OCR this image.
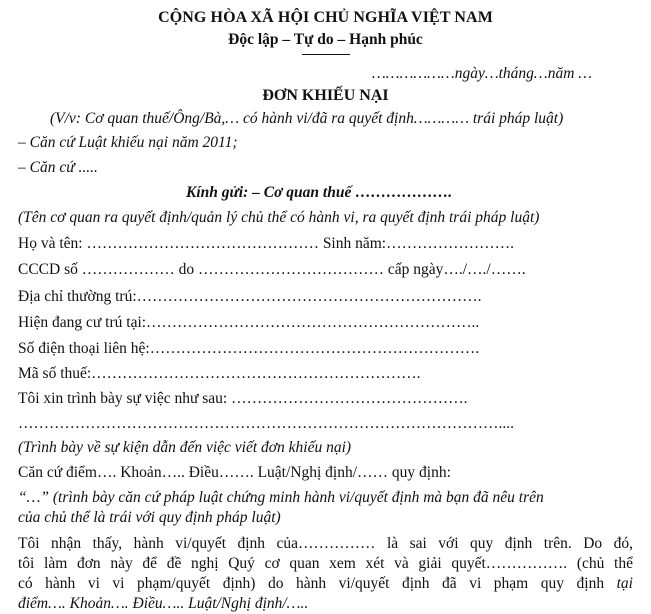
CỘNG HÒA XÃ HỘI CHỦ NGHĨA VIỆT NAM
Độc lập – Tự do – Hạnh phúc
………………ngày…tháng…năm …
ĐƠN KHIẾU NẠI
(V/v: Cơ quan thuế/Ông/Bà,… có hành vi/đã ra quyết định………… trái pháp luật)
– Căn cứ Luật khiếu nại năm 2011;
– Căn cứ .....
Kính gửi: – Cơ quan thuế ……………….
(Tên cơ quan ra quyết định/quản lý chủ thể có hành vi, ra quyết định trái pháp luật)
Họ và tên: ……………………………………… Sinh năm:…………………….
CCCD số ……………… do ……………………………… cấp ngày…./…./…….
Địa chỉ thường trú:………………………………………………………….
Hiện đang cư trú tại:………………………………………………………..
Số điện thoại liên hệ:……………………………………………………….
Mã số thuế:……………………………………………………….
Tôi xin trình bày sự việc như sau: ……………………………………….
…………………………………………………………………………………....
(Trình bày về sự kiện dẫn đến việc viết đơn khiếu nại)
Căn cứ điểm…. Khoản….. Điều……. Luật/Nghị định/…… quy định:
“…” (trình bày căn cứ pháp luật chứng minh hành vi/quyết định mà bạn đã nêu trên
của chủ thể là trái với quy định pháp luật)
Tôi nhận thấy, hành vi/quyết định của…………… là sai với quy định trên. Do đó,
tôi làm đơn này để đề nghị Quý cơ quan xem xét và giải quyết……………. (chủ thể
có hành vi vi phạm/quyết định) do hành vi/quyết định đã vi phạm quy định tại
điểm…. Khoản…. Điều….. Luật/Nghị định/…..
